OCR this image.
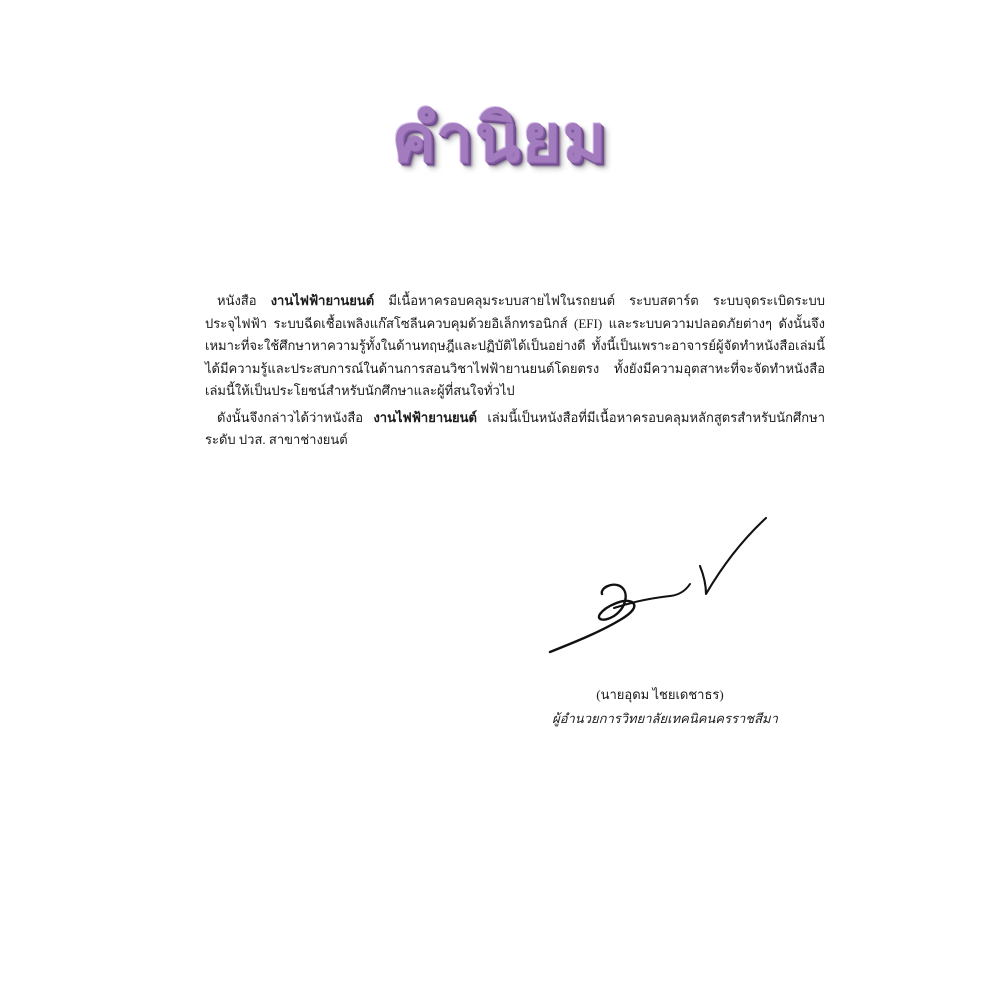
คำนิยม

หนังสือ งานไฟฟ้ายานยนต์ มีเนื้อหาครอบคลุมระบบสายไฟในรถยนต์ ระบบสตาร์ต ระบบจุดระเบิดระบบประจุไฟฟ้า ระบบฉีดเชื้อเพลิงแก๊สโซลีนควบคุมด้วยอิเล็กทรอนิกส์ (EFI) และระบบความปลอดภัยต่างๆ ดังนั้นจึงเหมาะที่จะใช้ศึกษาหาความรู้ทั้งในด้านทฤษฎีและปฏิบัติได้เป็นอย่างดี ทั้งนี้เป็นเพราะอาจารย์ผู้จัดทำหนังสือเล่มนี้ได้มีความรู้และประสบการณ์ในด้านการสอนวิชาไฟฟ้ายานยนต์โดยตรง ทั้งยังมีความอุตสาหะที่จะจัดทำหนังสือเล่มนี้ให้เป็นประโยชน์สำหรับนักศึกษาและผู้ที่สนใจทั่วไป

ดังนั้นจึงกล่าวได้ว่าหนังสือ งานไฟฟ้ายานยนต์ เล่มนี้เป็นหนังสือที่มีเนื้อหาครอบคลุมหลักสูตรสำหรับนักศึกษา ระดับ ปวส. สาขาช่างยนต์

(นายอุดม ไชยเดชาธร)
ผู้อำนวยการวิทยาลัยเทคนิคนครราชสีมา
